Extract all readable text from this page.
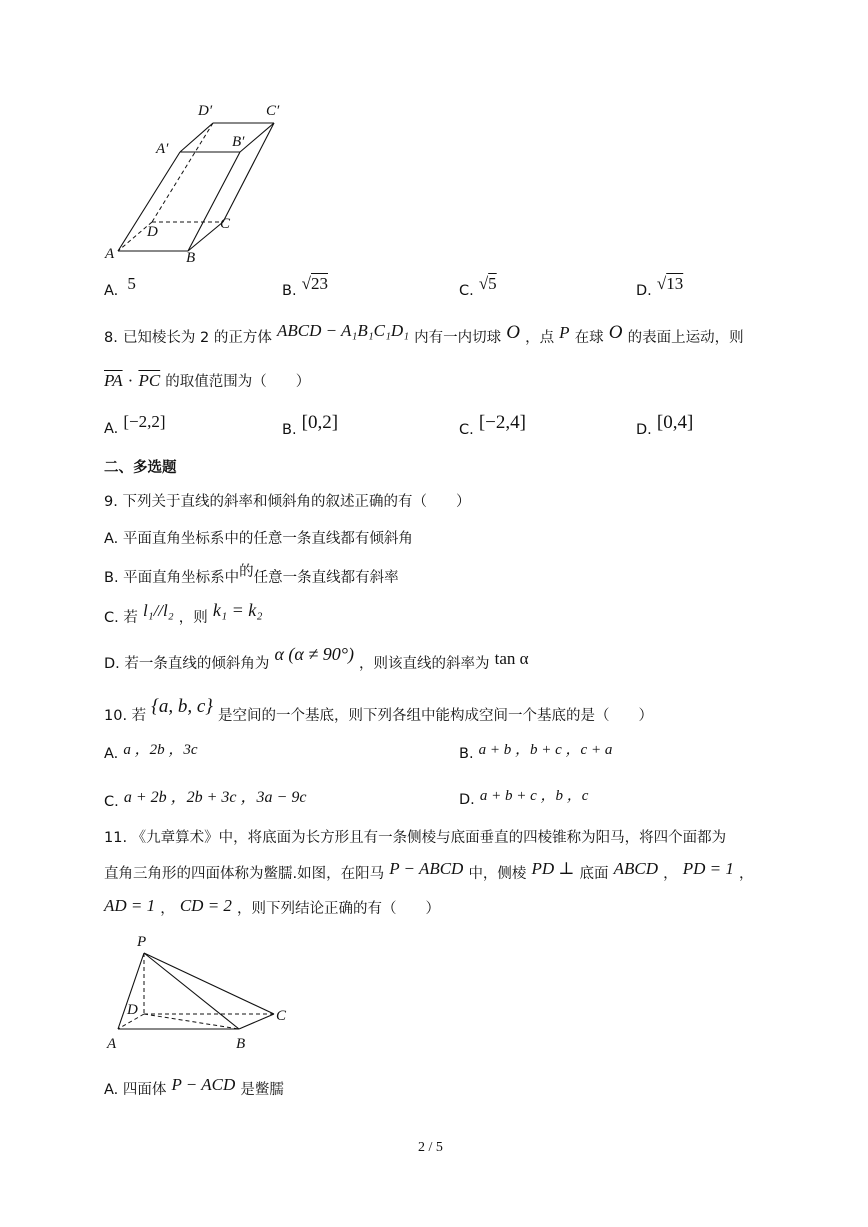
D′	C′
A′	B′
D	C
A	B
A. 5	B. √23	C. √5	D. √13
8. 已知棱长为 2 的正方体 ABCD − A₁B₁C₁D₁ 内有一内切球 O ，点 P 在球 O 的表面上运动，则
$\overline{PA} \cdot \overline{PC}$ 的取值范围为（　　）
A. [−2,2]	B. [0,2]	C. [−2,4]	D. [0,4]
二、多选题
9. 下列关于直线的斜率和倾斜角的叙述正确的有（　　）
A. 平面直角坐标系中的任意一条直线都有倾斜角
B. 平面直角坐标系中的任意一条直线都有斜率
C. 若 l₁//l₂ ，则 k₁ = k₂
D. 若一条直线的倾斜角为 α (α ≠ 90°) ，则该直线的斜率为 tan α
10. 若 {a, b, c} 是空间的一个基底，则下列各组中能构成空间一个基底的是（　　）
A. a ，2b ，3c	B. a + b ，b + c ，c + a
C. a + 2b ，2b + 3c ，3a − 9c	D. a + b + c ，b ，c
11. 《九章算术》中，将底面为长方形且有一条侧棱与底面垂直的四棱锥称为阳马，将四个面都为
直角三角形的四面体称为鳖臑.如图，在阳马 P − ABCD 中，侧棱 PD ⊥ 底面 ABCD ， PD = 1 ，
AD = 1 ， CD = 2 ，则下列结论正确的有（　　）
P
D	C
A	B
A. 四面体 P − ACD 是鳖臑
2 / 5
